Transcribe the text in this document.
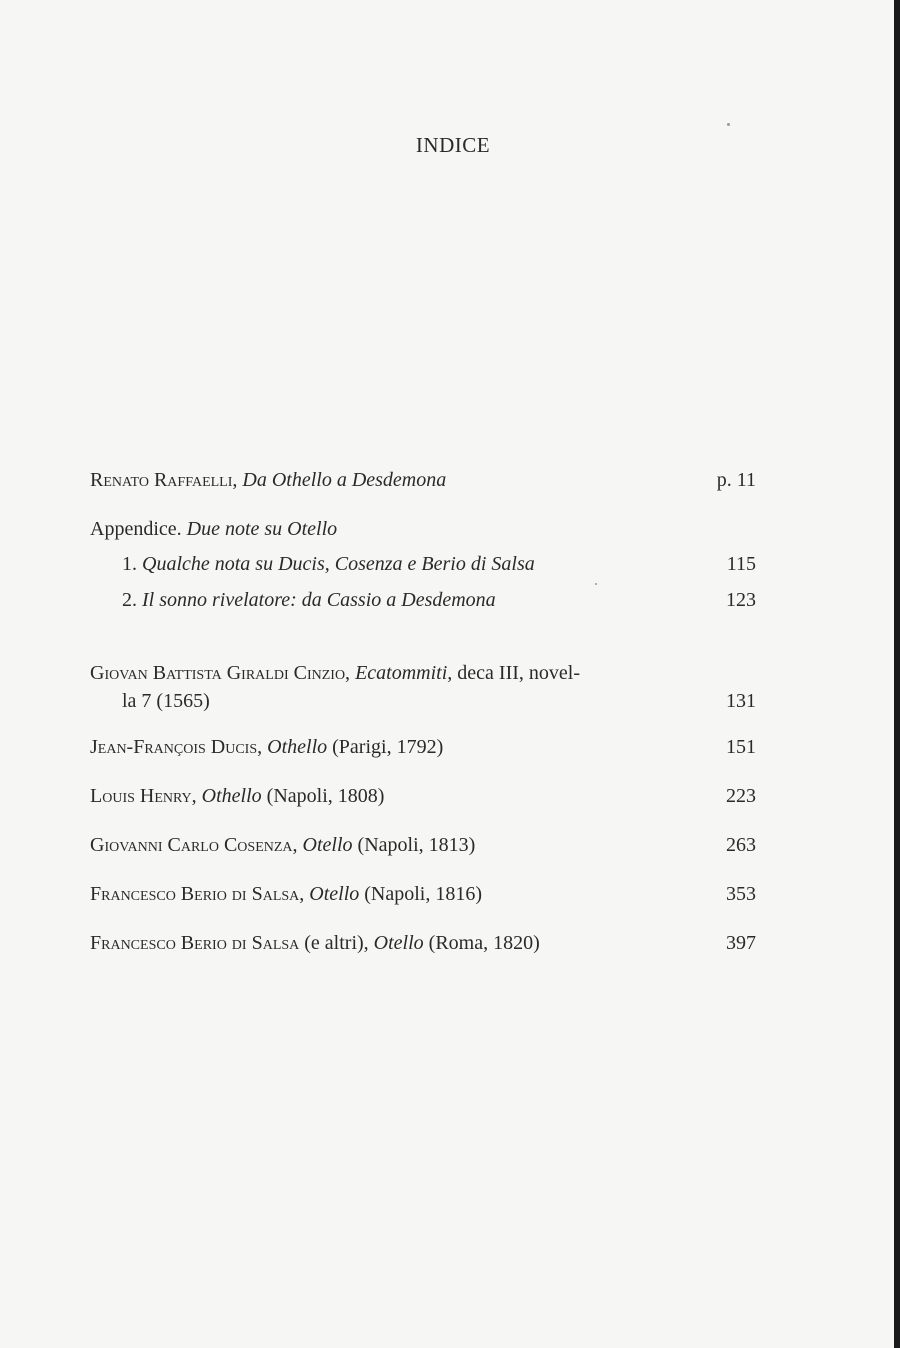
INDICE
Renato Raffaelli, Da Othello a Desdemona	p. 11
Appendice. Due note su Otello
1. Qualche nota su Ducis, Cosenza e Berio di Salsa	115
2. Il sonno rivelatore: da Cassio a Desdemona	123
Giovan Battista Giraldi Cinzio, Ecatommiti, deca III, novel-
la 7 (1565)	131
Jean-François Ducis, Othello (Parigi, 1792)	151
Louis Henry, Othello (Napoli, 1808)	223
Giovanni Carlo Cosenza, Otello (Napoli, 1813)	263
Francesco Berio di Salsa, Otello (Napoli, 1816)	353
Francesco Berio di Salsa (e altri), Otello (Roma, 1820)	397
